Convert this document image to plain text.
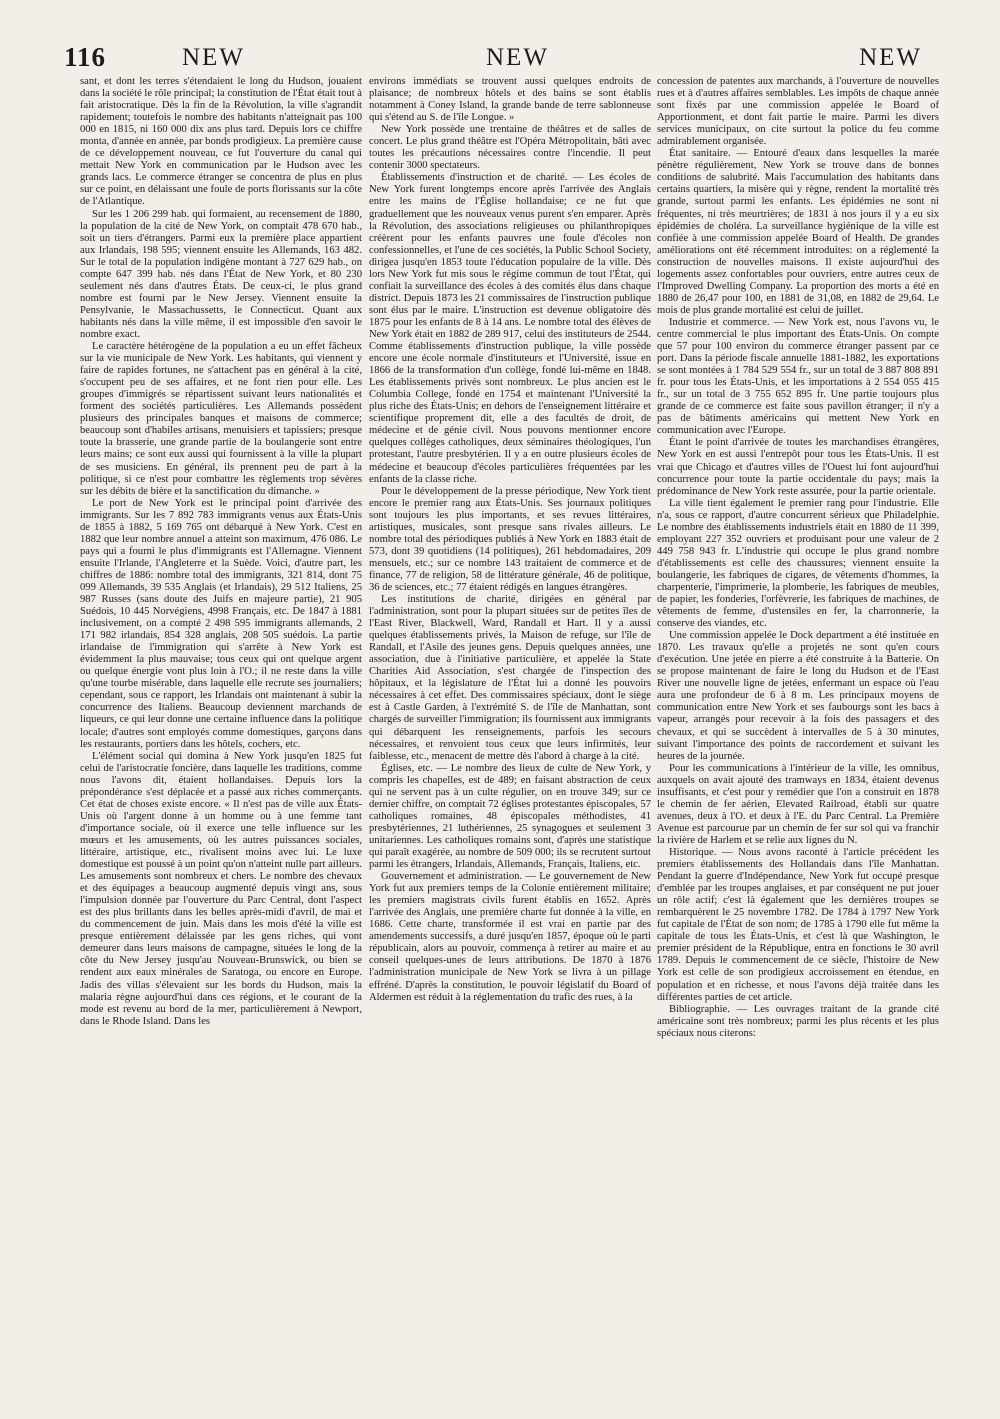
116	NEW	NEW	NEW

sant, et dont les terres s'étendaient le long du Hudson, jouaient dans la société le rôle principal; la constitution de l'État était tout à fait aristocratique. Dès la fin de la Révolution, la ville s'agrandit rapidement; toutefois le nombre des habitants n'atteignait pas 100 000 en 1815, ni 160 000 dix ans plus tard. Depuis lors ce chiffre monta, d'année en année, par bonds prodigieux. La première cause de ce développement nouveau, ce fut l'ouverture du canal qui mettait New York en communication par le Hudson avec les grands lacs. Le commerce étranger se concentra de plus en plus sur ce point, en délaissant une foule de ports florissants sur la côte de l'Atlantique.

Sur les 1 206 299 hab. qui formaient, au recensement de 1880, la population de la cité de New York, on comptait 478 670 hab., soit un tiers d'étrangers. Parmi eux la première place appartient aux Irlandais, 198 595; viennent ensuite les Allemands, 163 482. Sur le total de la population indigène montant à 727 629 hab., on compte 647 399 hab. nés dans l'État de New York, et 80 230 seulement nés dans d'autres États. De ceux-ci, le plus grand nombre est fourni par le New Jersey. Viennent ensuite la Pensylvanie, le Massachussetts, le Connecticut. Quant aux habitants nés dans la ville même, il est impossible d'en savoir le nombre exact.

Le caractère hétérogène de la population a eu un effet fâcheux sur la vie municipale de New York. Les habitants, qui viennent y faire de rapides fortunes, ne s'attachent pas en général à la cité, s'occupent peu de ses affaires, et ne font rien pour elle. Les groupes d'immigrés se répartissent suivant leurs nationalités et forment des sociétés particulières. Les Allemands possèdent plusieurs des principales banques et maisons de commerce; beaucoup sont d'habiles artisans, menuisiers et tapissiers; presque toute la brasserie, une grande partie de la boulangerie sont entre leurs mains; ce sont eux aussi qui fournissent à la ville la plupart de ses musiciens. En général, ils prennent peu de part à la politique, si ce n'est pour combattre les règlements trop sévères sur les débits de bière et la sanctification du dimanche. »

Le port de New York est le principal point d'arrivée des immigrants. Sur les 7 892 783 immigrants venus aux États-Unis de 1855 à 1882, 5 169 765 ont débarqué à New York. C'est en 1882 que leur nombre annuel a atteint son maximum, 476 086. Le pays qui a fourni le plus d'immigrants est l'Allemagne. Viennent ensuite l'Irlande, l'Angleterre et la Suède. Voici, d'autre part, les chiffres de 1886: nombre total des immigrants, 321 814, dont 75 099 Allemands, 39 535 Anglais (et Irlandais), 29 512 Italiens, 25 987 Russes (sans doute des Juifs en majeure partie), 21 905 Suédois, 10 445 Norvégiens, 4998 Français, etc. De 1847 à 1881 inclusivement, on a compté 2 498 595 immigrants allemands, 2 171 982 irlandais, 854 328 anglais, 208 505 suédois. La partie irlandaise de l'immigration qui s'arrête à New York est évidemment la plus mauvaise; tous ceux qui ont quelque argent ou quelque énergie vont plus loin à l'O.; il ne reste dans la ville qu'une tourbe misérable, dans laquelle elle recrute ses journaliers; cependant, sous ce rapport, les Irlandais ont maintenant à subir la concurrence des Italiens. Beaucoup deviennent marchands de liqueurs, ce qui leur donne une certaine influence dans la politique locale; d'autres sont employés comme domestiques, garçons dans les restaurants, portiers dans les hôtels, cochers, etc.

L'élément social qui domina à New York jusqu'en 1825 fut celui de l'aristocratie foncière, dans laquelle les traditions, comme nous l'avons dit, étaient hollandaises. Depuis lors la prépondérance s'est déplacée et a passé aux riches commerçants. Cet état de choses existe encore. « Il n'est pas de ville aux États-Unis où l'argent donne à un homme ou à une femme tant d'importance sociale, où il exerce une telle influence sur les mœurs et les amusements, où les autres puissances sociales, littéraire, artistique, etc., rivalisent moins avec lui. Le luxe domestique est poussé à un point qu'on n'atteint nulle part ailleurs. Les amusements sont nombreux et chers. Le nombre des chevaux et des équipages a beaucoup augmenté depuis vingt ans, sous l'impulsion donnée par l'ouverture du Parc Central, dont l'aspect est des plus brillants dans les belles après-midi d'avril, de mai et du commencement de juin. Mais dans les mois d'été la ville est presque entièrement délaissée par les gens riches, qui vont demeurer dans leurs maisons de campagne, situées le long de la côte du New Jersey jusqu'au Nouveau-Brunswick, ou bien se rendent aux eaux minérales de Saratoga, ou encore en Europe. Jadis des villas s'élevaient sur les bords du Hudson, mais la malaria règne aujourd'hui dans ces régions, et le courant de la mode est revenu au bord de la mer, particulièrement à Newport, dans le Rhode Island. Dans les

environs immédiats se trouvent aussi quelques endroits de plaisance; de nombreux hôtels et des bains se sont établis notamment à Coney Island, la grande bande de terre sablonneuse qui s'étend au S. de l'île Longue. »

New York possède une trentaine de théâtres et de salles de concert. Le plus grand théâtre est l'Opéra Métropolitain, bâti avec toutes les précautions nécessaires contre l'incendie. Il peut contenir 3000 spectateurs.

Établissements d'instruction et de charité. — Les écoles de New York furent longtemps encore après l'arrivée des Anglais entre les mains de l'Église hollandaise; ce ne fut que graduellement que les nouveaux venus purent s'en emparer. Après la Révolution, des associations religieuses ou philanthropiques créèrent pour les enfants pauvres une foule d'écoles non confessionnelles, et l'une de ces sociétés, la Public School Society, dirigea jusqu'en 1853 toute l'éducation populaire de la ville. Dès lors New York fut mis sous le régime commun de tout l'État, qui confiait la surveillance des écoles à des comités élus dans chaque district. Depuis 1873 les 21 commissaires de l'instruction publique sont élus par le maire. L'instruction est devenue obligatoire dès 1875 pour les enfants de 8 à 14 ans. Le nombre total des élèves de New York était en 1882 de 289 917, celui des instituteurs de 2544. Comme établissements d'instruction publique, la ville possède encore une école normale d'instituteurs et l'Université, issue en 1866 de la transformation d'un collège, fondé lui-même en 1848. Les établissements privés sont nombreux. Le plus ancien est le Columbia College, fondé en 1754 et maintenant l'Université la plus riche des États-Unis; en dehors de l'enseignement littéraire et scientifique proprement dit, elle a des facultés de droit, de médecine et de génie civil. Nous pouvons mentionner encore quelques collèges catholiques, deux séminaires théologiques, l'un protestant, l'autre presbytérien. Il y a en outre plusieurs écoles de médecine et beaucoup d'écoles particulières fréquentées par les enfants de la classe riche.

Pour le développement de la presse périodique, New York tient encore le premier rang aux États-Unis. Ses journaux politiques sont toujours les plus importants, et ses revues littéraires, artistiques, musicales, sont presque sans rivales ailleurs. Le nombre total des périodiques publiés à New York en 1883 était de 573, dont 39 quotidiens (14 politiques), 261 hebdomadaires, 209 mensuels, etc.; sur ce nombre 143 traitaient de commerce et de finance, 77 de religion, 58 de littérature générale, 46 de politique, 36 de sciences, etc.; 77 étaient rédigés en langues étrangères.

Les institutions de charité, dirigées en général par l'administration, sont pour la plupart situées sur de petites îles de l'East River, Blackwell, Ward, Randall et Hart. Il y a aussi quelques établissements privés, la Maison de refuge, sur l'île de Randall, et l'Asile des jeunes gens. Depuis quelques années, une association, due à l'initiative particulière, et appelée la State Charities Aid Association, s'est chargée de l'inspection des hôpitaux, et la législature de l'État lui a donné les pouvoirs nécessaires à cet effet. Des commissaires spéciaux, dont le siège est à Castle Garden, à l'extrémité S. de l'île de Manhattan, sont chargés de surveiller l'immigration; ils fournissent aux immigrants qui débarquent les renseignements, parfois les secours nécessaires, et renvoient tous ceux que leurs infirmités, leur faiblesse, etc., menacent de mettre dès l'abord à charge à la cité.

Églises, etc. — Le nombre des lieux de culte de New York, y compris les chapelles, est de 489; en faisant abstraction de ceux qui ne servent pas à un culte régulier, on en trouve 349; sur ce dernier chiffre, on comptait 72 églises protestantes épiscopales, 57 catholiques romaines, 48 épiscopales méthodistes, 41 presbytériennes, 21 luthériennes, 25 synagogues et seulement 3 unitariennes. Les catholiques romains sont, d'après une statistique qui paraît exagérée, au nombre de 509 000; ils se recrutent surtout parmi les étrangers, Irlandais, Allemands, Français, Italiens, etc.

Gouvernement et administration. — Le gouvernement de New York fut aux premiers temps de la Colonie entièrement militaire; les premiers magistrats civils furent établis en 1652. Après l'arrivée des Anglais, une première charte fut donnée à la ville, en 1686. Cette charte, transformée il est vrai en partie par des amendements successifs, a duré jusqu'en 1857, époque où le parti républicain, alors au pouvoir, commença à retirer au maire et au conseil quelques-unes de leurs attributions. De 1870 à 1876 l'administration municipale de New York se livra à un pillage effréné. D'après la constitution, le pouvoir législatif du Board of Aldermen est réduit à la réglementation du trafic des rues, à la

concession de patentes aux marchands, à l'ouverture de nouvelles rues et à d'autres affaires semblables. Les impôts de chaque année sont fixés par une commission appelée le Board of Apportionment, et dont fait partie le maire. Parmi les divers services municipaux, on cite surtout la police du feu comme admirablement organisée.

État sanitaire. — Entouré d'eaux dans lesquelles la marée pénètre régulièrement, New York se trouve dans de bonnes conditions de salubrité. Mais l'accumulation des habitants dans certains quartiers, la misère qui y règne, rendent la mortalité très grande, surtout parmi les enfants. Les épidémies ne sont ni fréquentes, ni très meurtrières; de 1831 à nos jours il y a eu six épidémies de choléra. La surveillance hygiénique de la ville est confiée à une commission appelée Board of Health. De grandes améliorations ont été récemment introduites: on a réglementé la construction de nouvelles maisons. Il existe aujourd'hui des logements assez confortables pour ouvriers, entre autres ceux de l'Improved Dwelling Company. La proportion des morts a été en 1880 de 26,47 pour 100, en 1881 de 31,08, en 1882 de 29,64. Le mois de plus grande mortalité est celui de juillet.

Industrie et commerce. — New York est, nous l'avons vu, le centre commercial le plus important des États-Unis. On compte que 57 pour 100 environ du commerce étranger passent par ce port. Dans la période fiscale annuelle 1881-1882, les exportations se sont montées à 1 784 529 554 fr., sur un total de 3 887 808 891 fr. pour tous les États-Unis, et les importations à 2 554 055 415 fr., sur un total de 3 755 652 895 fr. Une partie toujours plus grande de ce commerce est faite sous pavillon étranger; il n'y a pas de bâtiments américains qui mettent New York en communication avec l'Europe.

Étant le point d'arrivée de toutes les marchandises étrangères, New York en est aussi l'entrepôt pour tous les États-Unis. Il est vrai que Chicago et d'autres villes de l'Ouest lui font aujourd'hui concurrence pour toute la partie occidentale du pays; mais la prédominance de New York reste assurée, pour la partie orientale.

La ville tient également le premier rang pour l'industrie. Elle n'a, sous ce rapport, d'autre concurrent sérieux que Philadelphie. Le nombre des établissements industriels était en 1880 de 11 399, employant 227 352 ouvriers et produisant pour une valeur de 2 449 758 943 fr. L'industrie qui occupe le plus grand nombre d'établissements est celle des chaussures; viennent ensuite la boulangerie, les fabriques de cigares, de vêtements d'hommes, la charpenterie, l'imprimerie, la plomberie, les fabriques de meubles, de papier, les fonderies, l'orfèvrerie, les fabriques de machines, de vêtements de femme, d'ustensiles en fer, la charronnerie, la conserve des viandes, etc.

Une commission appelée le Dock department a été instituée en 1870. Les travaux qu'elle a projetés ne sont qu'en cours d'exécution. Une jetée en pierre a été construite à la Batterie. On se propose maintenant de faire le long du Hudson et de l'East River une nouvelle ligne de jetées, enfermant un espace où l'eau aura une profondeur de 6 à 8 m. Les principaux moyens de communication entre New York et ses faubourgs sont les bacs à vapeur, arrangés pour recevoir à la fois des passagers et des chevaux, et qui se succèdent à intervalles de 5 à 30 minutes, suivant l'importance des points de raccordement et suivant les heures de la journée.

Pour les communications à l'intérieur de la ville, les omnibus, auxquels on avait ajouté des tramways en 1834, étaient devenus insuffisants, et c'est pour y remédier que l'on a construit en 1878 le chemin de fer aérien, Elevated Railroad, établi sur quatre avenues, deux à l'O. et deux à l'E. du Parc Central. La Première Avenue est parcourue par un chemin de fer sur sol qui va franchir la rivière de Harlem et se relie aux lignes du N.

Historique. — Nous avons raconté à l'article précédent les premiers établissements des Hollandais dans l'île Manhattan. Pendant la guerre d'Indépendance, New York fut occupé presque d'emblée par les troupes anglaises, et par conséquent ne put jouer un rôle actif; c'est là également que les dernières troupes se rembarquèrent le 25 novembre 1782. De 1784 à 1797 New York fut capitale de l'État de son nom; de 1785 à 1790 elle fut même la capitale de tous les États-Unis, et c'est là que Washington, le premier président de la République, entra en fonctions le 30 avril 1789. Depuis le commencement de ce siècle, l'histoire de New York est celle de son prodigieux accroissement en étendue, en population et en richesse, et nous l'avons déjà traitée dans les différentes parties de cet article.

Bibliographie. — Les ouvrages traitant de la grande cité américaine sont très nombreux; parmi les plus récents et les plus spéciaux nous citerons:
